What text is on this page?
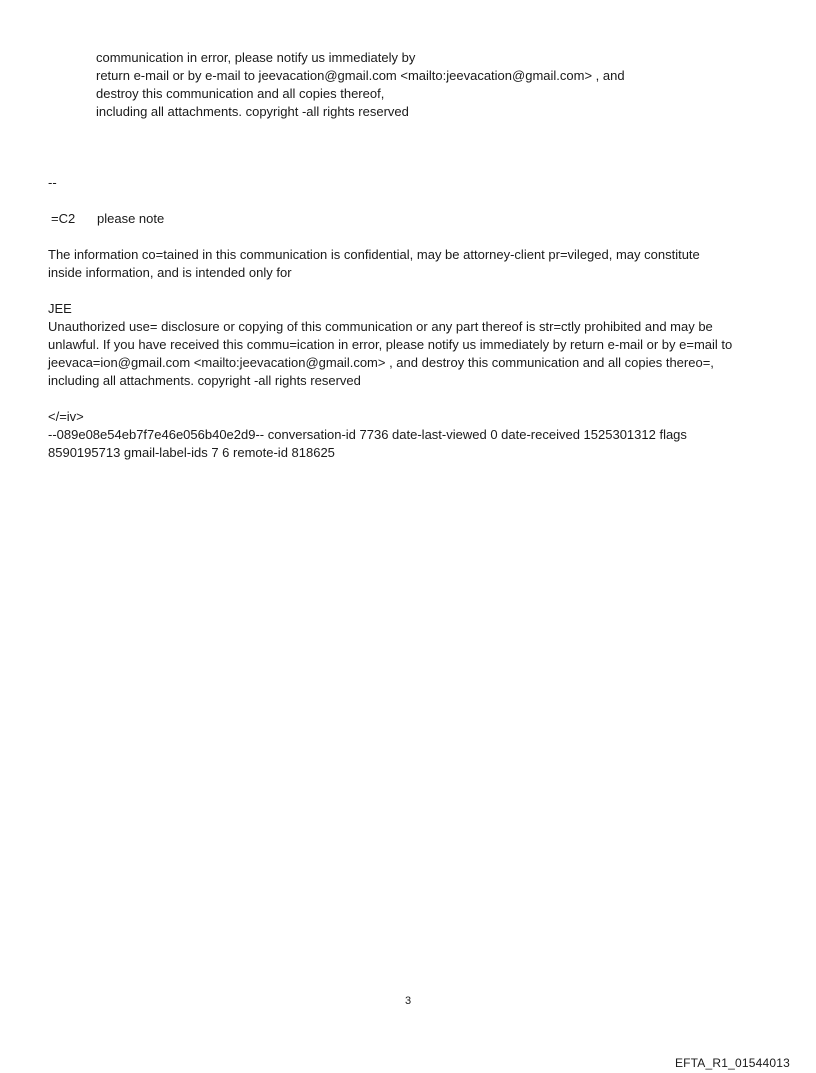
communication in error, please notify us immediately by
return e-mail or by e-mail to jeevacation@gmail.com <mailto:jeevacation@gmail.com> , and
destroy this communication and all copies thereof,
including all attachments. copyright -all rights reserved
--
=C2 please note
The information co=tained in this communication is confidential, may be attorney-client pr=vileged, may constitute
inside information, and is intended only for
JEE
Unauthorized use= disclosure or copying of this communication or any part thereof is str=ctly prohibited and may be
unlawful. If you have received this commu=ication in error, please notify us immediately by return e-mail or by e=mail to
jeevaca=ion@gmail.com <mailto:jeevacation@gmail.com> , and destroy this communication and all copies thereo=,
including all attachments. copyright -all rights reserved
</=iv>
--089e08e54eb7f7e46e056b40e2d9-- conversation-id 7736 date-last-viewed 0 date-received 1525301312 flags
8590195713 gmail-label-ids 7 6 remote-id 818625
3
EFTA_R1_01544013
